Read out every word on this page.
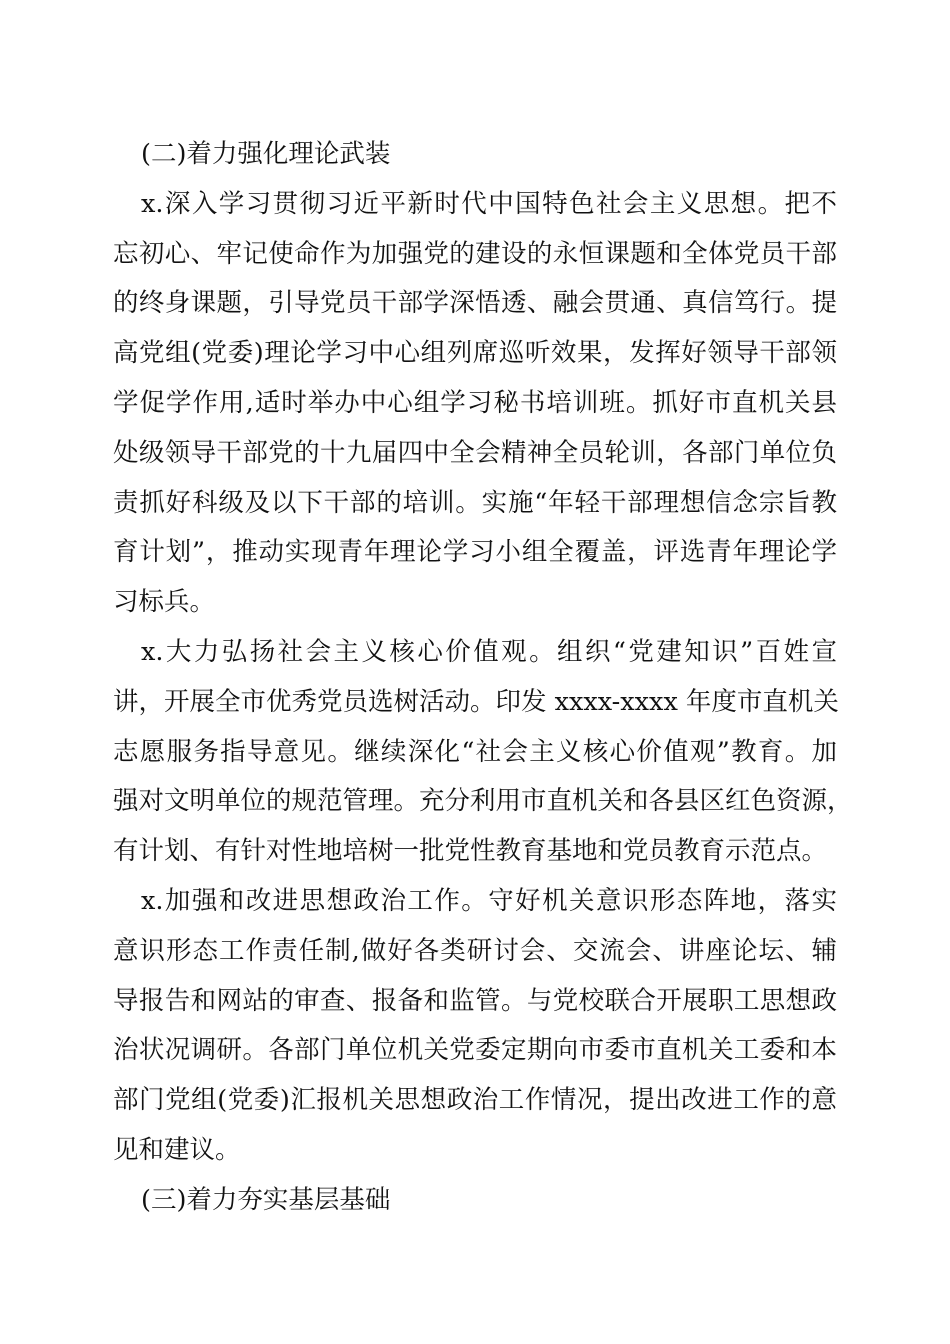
(二)着力强化理论武装
x.深入学习贯彻习近平新时代中国特色社会主义思想。把不
忘初心、牢记使命作为加强党的建设的永恒课题和全体党员干部
的终身课题，引导党员干部学深悟透、融会贯通、真信笃行。提
高党组(党委)理论学习中心组列席巡听效果，发挥好领导干部领
学促学作用,适时举办中心组学习秘书培训班。抓好市直机关县
处级领导干部党的十九届四中全会精神全员轮训，各部门单位负
责抓好科级及以下干部的培训。实施“年轻干部理想信念宗旨教
育计划”，推动实现青年理论学习小组全覆盖，评选青年理论学
习标兵。
x.大力弘扬社会主义核心价值观。组织“党建知识”百姓宣
讲，开展全市优秀党员选树活动。印发 xxxx-xxxx 年度市直机关
志愿服务指导意见。继续深化“社会主义核心价值观”教育。加
强对文明单位的规范管理。充分利用市直机关和各县区红色资源，
有计划、有针对性地培树一批党性教育基地和党员教育示范点。
x.加强和改进思想政治工作。守好机关意识形态阵地，落实
意识形态工作责任制,做好各类研讨会、交流会、讲座论坛、辅
导报告和网站的审查、报备和监管。与党校联合开展职工思想政
治状况调研。各部门单位机关党委定期向市委市直机关工委和本
部门党组(党委)汇报机关思想政治工作情况，提出改进工作的意
见和建议。
(三)着力夯实基层基础
